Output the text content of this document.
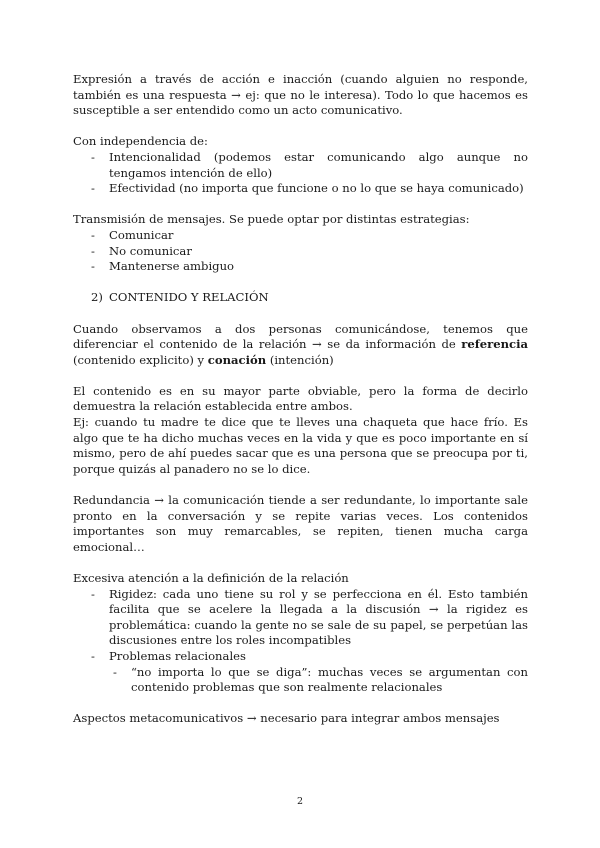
Expresión a través de acción e inacción (cuando alguien no responde, también es una respuesta → ej: que no le interesa). Todo lo que hacemos es susceptible a ser entendido como un acto comunicativo.

Con independencia de:

- Intencionalidad (podemos estar comunicando algo aunque no tengamos intención de ello)
- Efectividad (no importa que funcione o no lo que se haya comunicado)

Transmisión de mensajes. Se puede optar por distintas estrategias:

- Comunicar
- No comunicar
- Mantenerse ambiguo
2) CONTENIDO Y RELACIÓN

Cuando observamos a dos personas comunicándose, tenemos que diferenciar el contenido de la relación → se da información de referencia (contenido explicito) y conación (intención)

El contenido es en su mayor parte obviable, pero la forma de decirlo demuestra la relación establecida entre ambos.

Ej: cuando tu madre te dice que te lleves una chaqueta que hace frío. Es algo que te ha dicho muchas veces en la vida y que es poco importante en sí mismo, pero de ahí puedes sacar que es una persona que se preocupa por ti, porque quizás al panadero no se lo dice.

Redundancia → la comunicación tiende a ser redundante, lo importante sale pronto en la conversación y se repite varias veces. Los contenidos importantes son muy remarcables, se repiten, tienen mucha carga emocional…

Excesiva atención a la definición de la relación

- Rigidez: cada uno tiene su rol y se perfecciona en él. Esto también facilita que se acelere la llegada a la discusión → la rigidez es problemática: cuando la gente no se sale de su papel, se perpetúan las discusiones entre los roles incompatibles
- Problemas relacionales
- “no importa lo que se diga”: muchas veces se argumentan con contenido problemas que son realmente relacionales

Aspectos metacomunicativos → necesario para integrar ambos mensajes

2
